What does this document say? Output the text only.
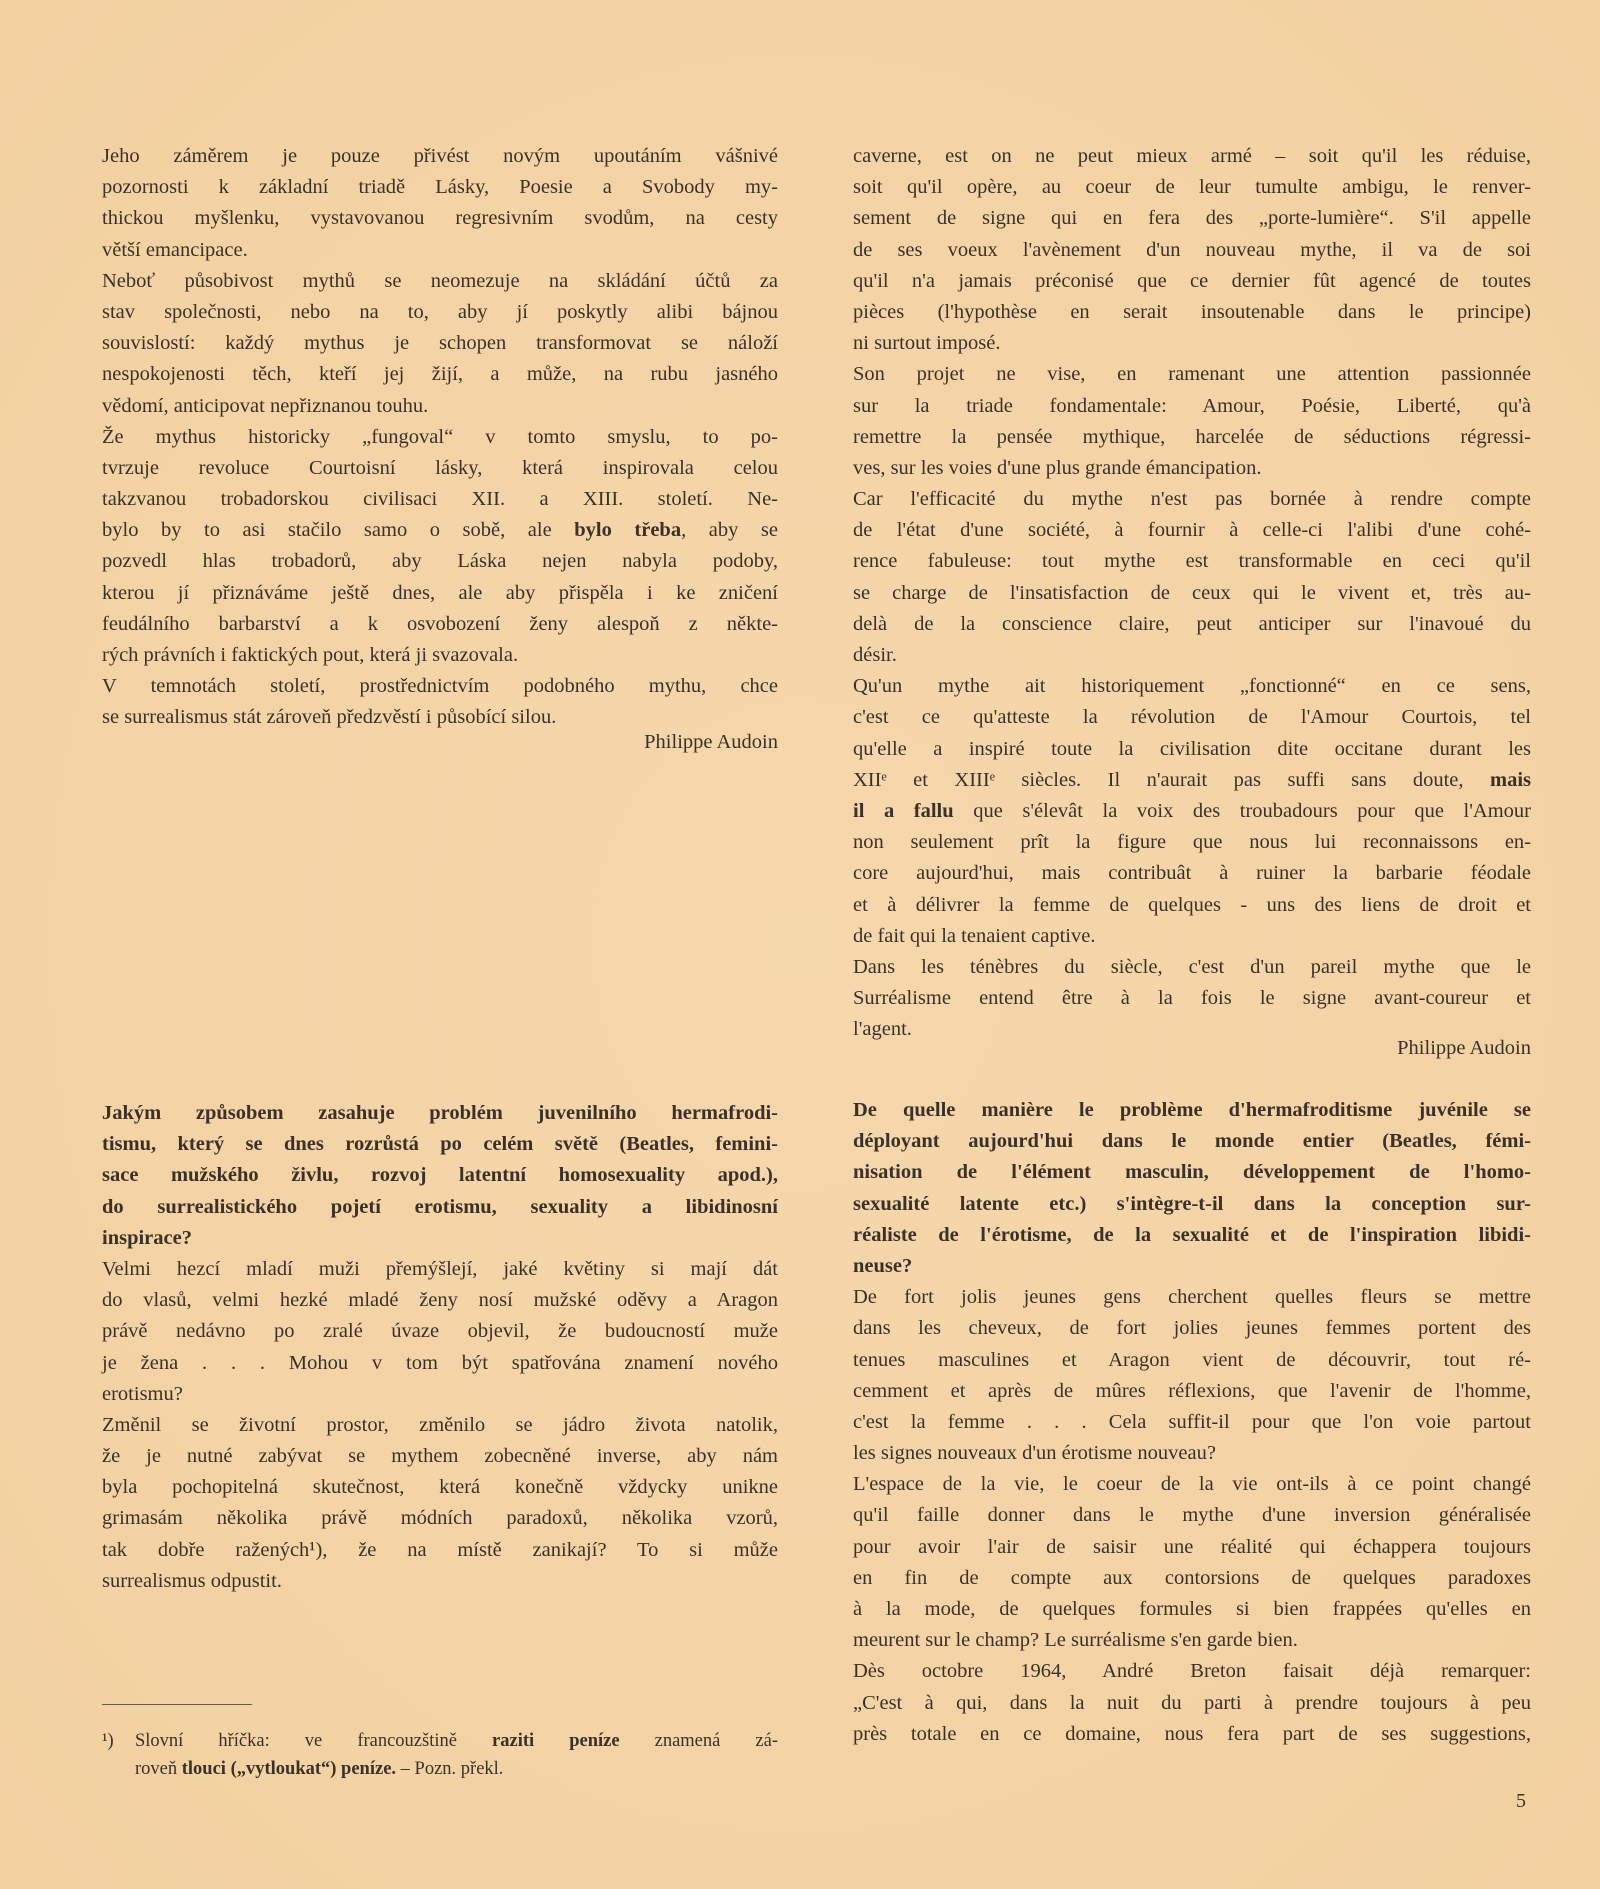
Jeho záměrem je pouze přivést novým upoutáním vášnivé
pozornosti k základní triadě Lásky, Poesie a Svobody my-
thickou myšlenku, vystavovanou regresivním svodům, na cesty
větší emancipace.
Neboť působivost mythů se neomezuje na skládání účtů za
stav společnosti, nebo na to, aby jí poskytly alibi bájnou
souvislostí: každý mythus je schopen transformovat se náloží
nespokojenosti těch, kteří jej žijí, a může, na rubu jasného
vědomí, anticipovat nepřiznanou touhu.
Že mythus historicky „fungoval“ v tomto smyslu, to po-
tvrzuje revoluce Courtoisní lásky, která inspirovala celou
takzvanou trobadorskou civilisaci XII. a XIII. století. Ne-
bylo by to asi stačilo samo o sobě, ale bylo třeba, aby se
pozvedl hlas trobadorů, aby Láska nejen nabyla podoby,
kterou jí přiznáváme ještě dnes, ale aby přispěla i ke zničení
feudálního barbarství a k osvobození ženy alespoň z někte-
rých právních i faktických pout, která ji svazovala.
V temnotách století, prostřednictvím podobného mythu, chce
se surrealismus stát zároveň předzvěstí i působící silou.
Philippe Audoin
caverne, est on ne peut mieux armé – soit qu'il les réduise,
soit qu'il opère, au coeur de leur tumulte ambigu, le renver-
sement de signe qui en fera des „porte-lumière“. S'il appelle
de ses voeux l'avènement d'un nouveau mythe, il va de soi
qu'il n'a jamais préconisé que ce dernier fût agencé de toutes
pièces (l'hypothèse en serait insoutenable dans le principe)
ni surtout imposé.
Son projet ne vise, en ramenant une attention passionnée
sur la triade fondamentale: Amour, Poésie, Liberté, qu'à
remettre la pensée mythique, harcelée de séductions régressi-
ves, sur les voies d'une plus grande émancipation.
Car l'efficacité du mythe n'est pas bornée à rendre compte
de l'état d'une société, à fournir à celle-ci l'alibi d'une cohé-
rence fabuleuse: tout mythe est transformable en ceci qu'il
se charge de l'insatisfaction de ceux qui le vivent et, très au-
delà de la conscience claire, peut anticiper sur l'inavoué du
désir.
Qu'un mythe ait historiquement „fonctionné“ en ce sens,
c'est ce qu'atteste la révolution de l'Amour Courtois, tel
qu'elle a inspiré toute la civilisation dite occitane durant les
XIIᵉ et XIIIᵉ siècles. Il n'aurait pas suffi sans doute, mais
il a fallu que s'élevât la voix des troubadours pour que l'Amour
non seulement prît la figure que nous lui reconnaissons en-
core aujourd'hui, mais contribuât à ruiner la barbarie féodale
et à délivrer la femme de quelques - uns des liens de droit et
de fait qui la tenaient captive.
Dans les ténèbres du siècle, c'est d'un pareil mythe que le
Surréalisme entend être à la fois le signe avant-coureur et
l'agent.
Philippe Audoin
Jakým způsobem zasahuje problém juvenilního hermafrodi-
tismu, který se dnes rozrůstá po celém světě (Beatles, femini-
sace mužského živlu, rozvoj latentní homosexuality apod.),
do surrealistického pojetí erotismu, sexuality a libidinosní
inspirace?
Velmi hezcí mladí muži přemýšlejí, jaké květiny si mají dát
do vlasů, velmi hezké mladé ženy nosí mužské oděvy a Aragon
právě nedávno po zralé úvaze objevil, že budoucností muže
je žena . . . Mohou v tom být spatřována znamení nového
erotismu?
Změnil se životní prostor, změnilo se jádro života natolik,
že je nutné zabývat se mythem zobecněné inverse, aby nám
byla pochopitelná skutečnost, která konečně vždycky unikne
grimasám několika právě módních paradoxů, několika vzorů,
tak dobře ražených¹), že na místě zanikají? To si může
surrealismus odpustit.
De quelle manière le problème d'hermafroditisme juvénile se
déployant aujourd'hui dans le monde entier (Beatles, fémi-
nisation de l'élément masculin, développement de l'homo-
sexualité latente etc.) s'intègre-t-il dans la conception sur-
réaliste de l'érotisme, de la sexualité et de l'inspiration libidi-
neuse?
De fort jolis jeunes gens cherchent quelles fleurs se mettre
dans les cheveux, de fort jolies jeunes femmes portent des
tenues masculines et Aragon vient de découvrir, tout ré-
cemment et après de mûres réflexions, que l'avenir de l'homme,
c'est la femme . . . Cela suffit-il pour que l'on voie partout
les signes nouveaux d'un érotisme nouveau?
L'espace de la vie, le coeur de la vie ont-ils à ce point changé
qu'il faille donner dans le mythe d'une inversion généralisée
pour avoir l'air de saisir une réalité qui échappera toujours
en fin de compte aux contorsions de quelques paradoxes
à la mode, de quelques formules si bien frappées qu'elles en
meurent sur le champ? Le surréalisme s'en garde bien.
Dès octobre 1964, André Breton faisait déjà remarquer:
„C'est à qui, dans la nuit du parti à prendre toujours à peu
près totale en ce domaine, nous fera part de ses suggestions,
¹) Slovní hříčka: ve francouzštině raziti peníze znamená zá-
roveň tlouci („vytloukat“) peníze. – Pozn. překl.
5
